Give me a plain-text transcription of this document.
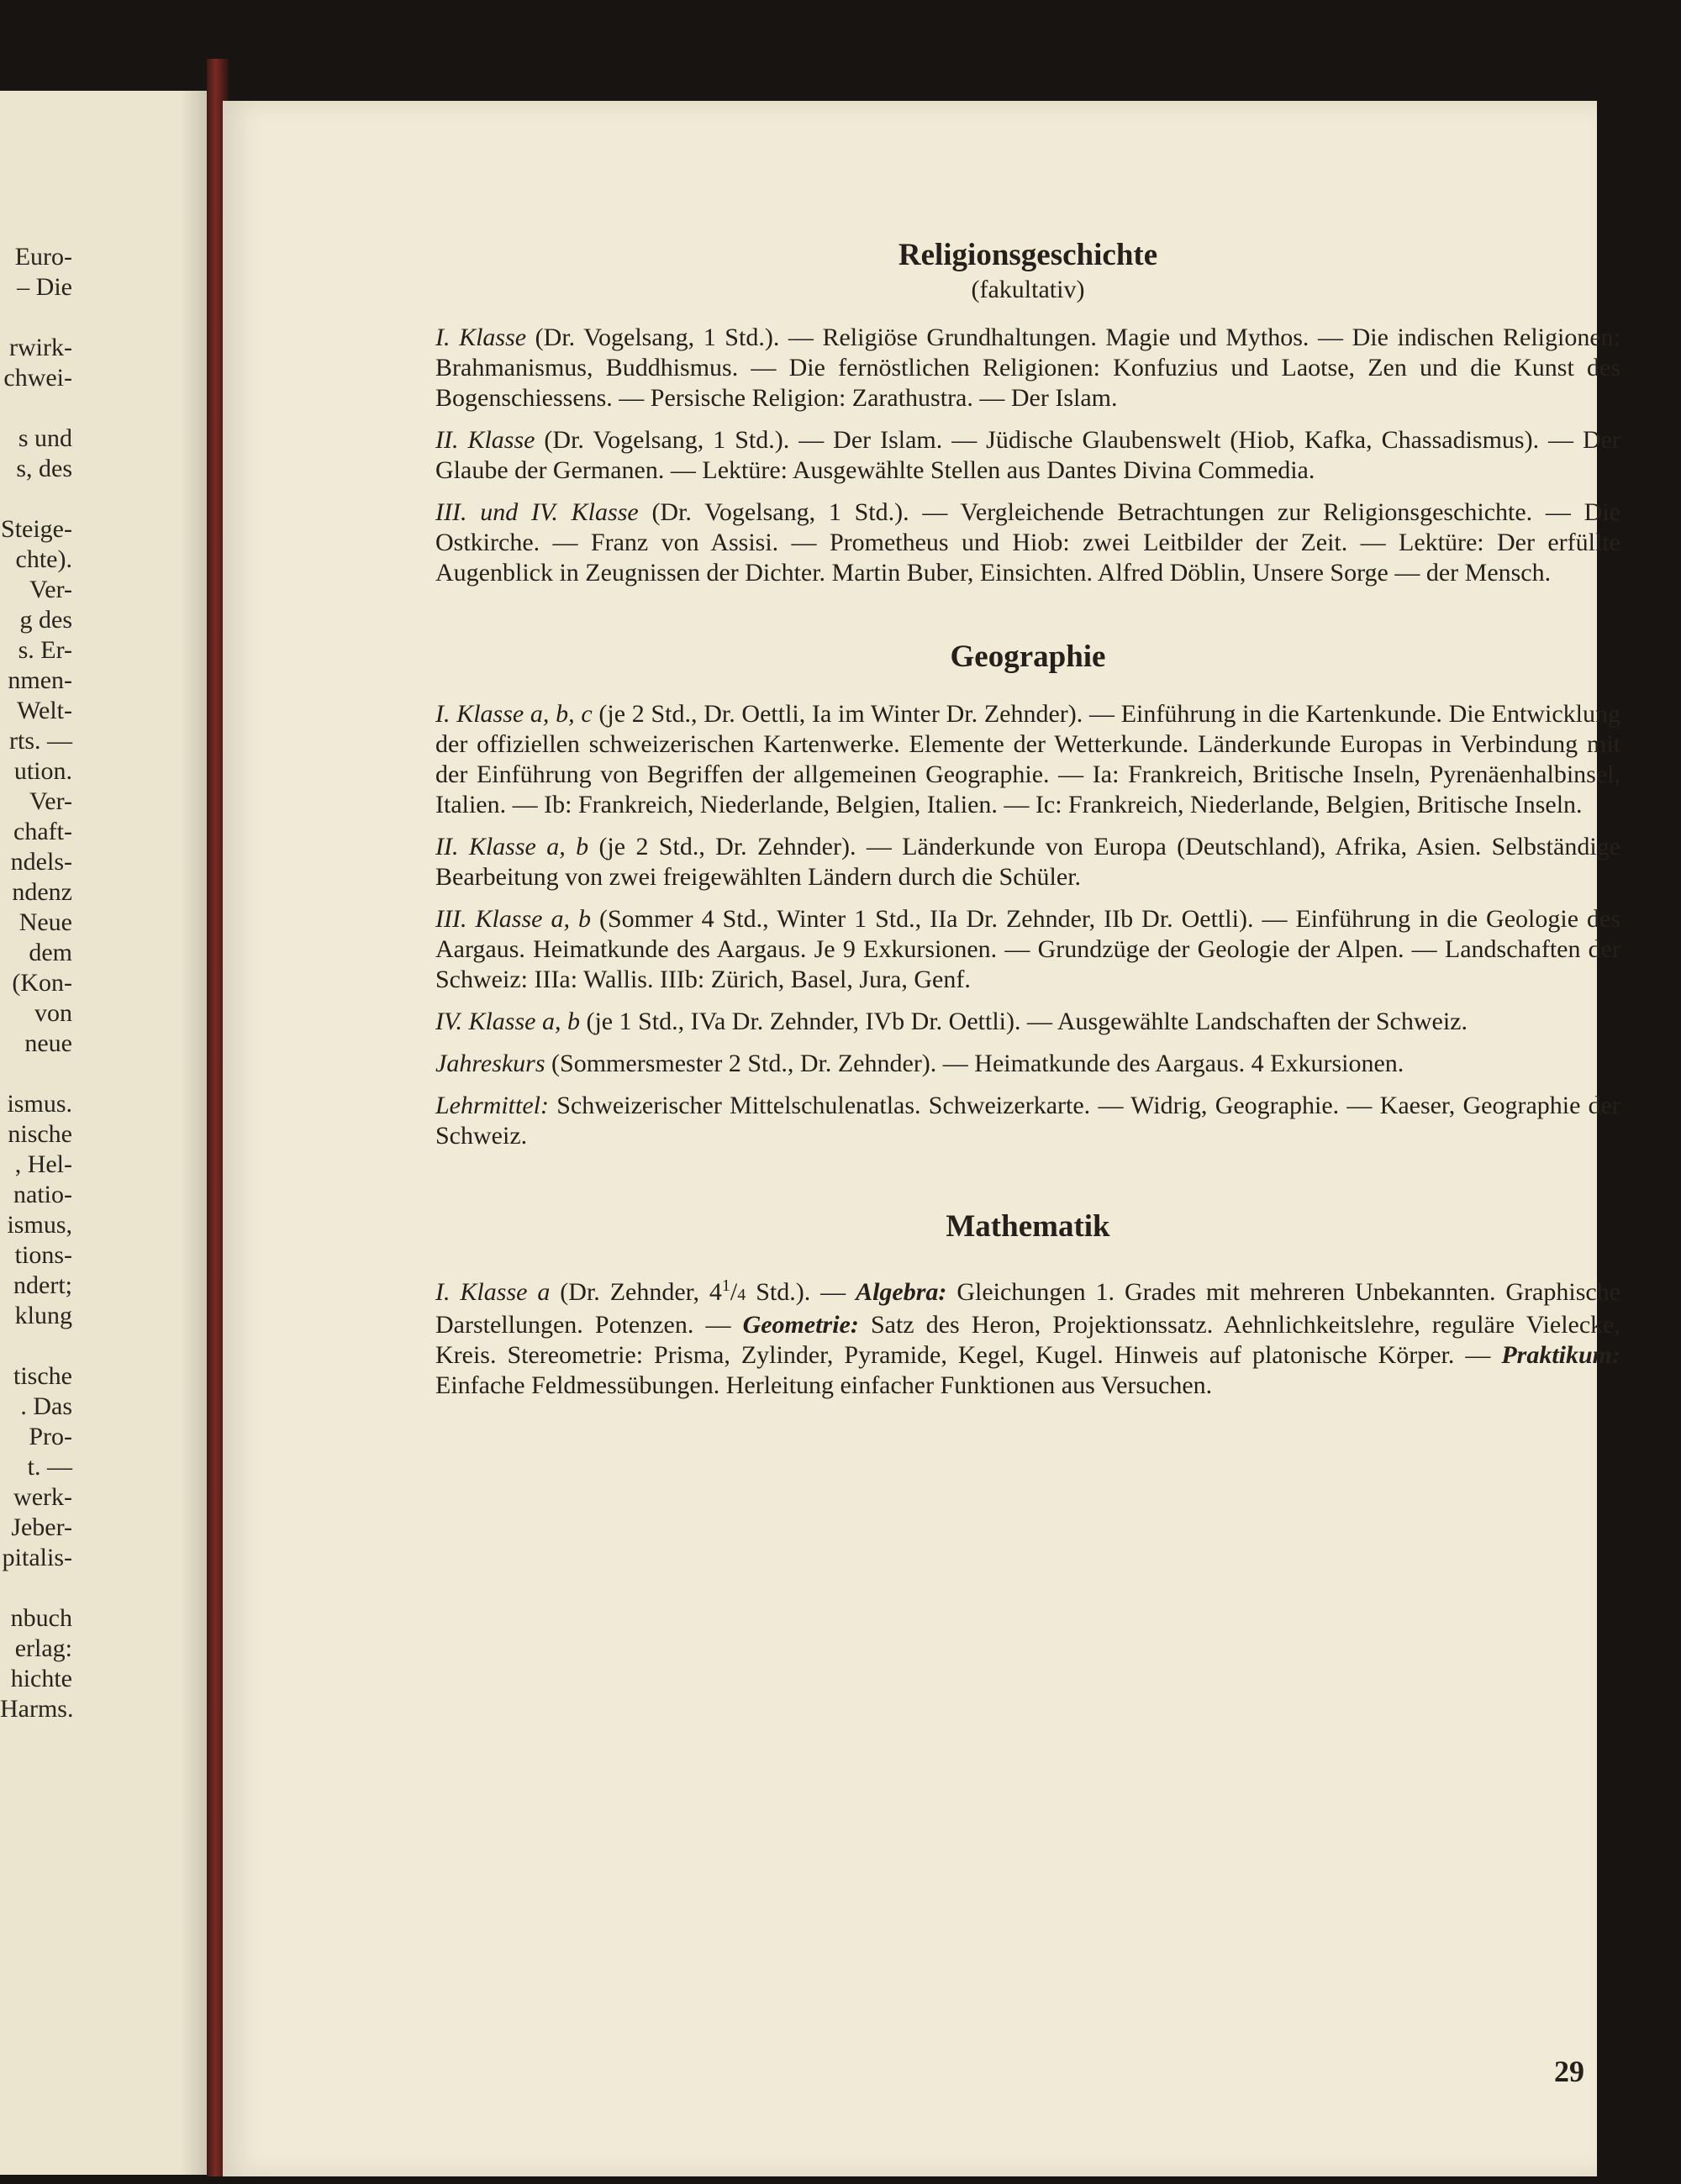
Euro-
– Die
rwirk-
chwei-
s und
s, des
Steige-
chte).
Ver-
g des
s. Er-
nmen-
Welt-
rts. —
ution.
Ver-
chaft-
ndels-
ndenz
Neue
dem
(Kon-
von
neue
ismus.
nische
, Hel-
natio-
ismus,
tions-
ndert;
klung
tische
. Das
Pro-
t. —
werk-
Jeber-
pitalis-
nbuch
erlag:
hichte
Harms.
Religionsgeschichte
(fakultativ)

I. Klasse (Dr. Vogelsang, 1 Std.). — Religiöse Grundhaltungen. Magie und Mythos. — Die indischen Religionen: Brahmanismus, Buddhismus. — Die fernöstlichen Religionen: Konfuzius und Laotse, Zen und die Kunst des Bogenschiessens. — Persische Religion: Zarathustra. — Der Islam.

II. Klasse (Dr. Vogelsang, 1 Std.). — Der Islam. — Jüdische Glaubenswelt (Hiob, Kafka, Chassadismus). — Der Glaube der Germanen. — Lektüre: Ausgewählte Stellen aus Dantes Divina Commedia.

III. und IV. Klasse (Dr. Vogelsang, 1 Std.). — Vergleichende Betrachtungen zur Religionsgeschichte. — Die Ostkirche. — Franz von Assisi. — Prometheus und Hiob: zwei Leitbilder der Zeit. — Lektüre: Der erfüllte Augenblick in Zeugnissen der Dichter. Martin Buber, Einsichten. Alfred Döblin, Unsere Sorge — der Mensch.

Geographie

I. Klasse a, b, c (je 2 Std., Dr. Oettli, Ia im Winter Dr. Zehnder). — Einführung in die Kartenkunde. Die Entwicklung der offiziellen schweizerischen Kartenwerke. Elemente der Wetterkunde. Länderkunde Europas in Verbindung mit der Einführung von Begriffen der allgemeinen Geographie. — Ia: Frankreich, Britische Inseln, Pyrenäenhalbinsel, Italien. — Ib: Frankreich, Niederlande, Belgien, Italien. — Ic: Frankreich, Niederlande, Belgien, Britische Inseln.

II. Klasse a, b (je 2 Std., Dr. Zehnder). — Länderkunde von Europa (Deutschland), Afrika, Asien. Selbständige Bearbeitung von zwei freigewählten Ländern durch die Schüler.

III. Klasse a, b (Sommer 4 Std., Winter 1 Std., IIa Dr. Zehnder, IIb Dr. Oettli). — Einführung in die Geologie des Aargaus. Heimatkunde des Aargaus. Je 9 Exkursionen. — Grundzüge der Geologie der Alpen. — Landschaften der Schweiz: IIIa: Wallis. IIIb: Zürich, Basel, Jura, Genf.

IV. Klasse a, b (je 1 Std., IVa Dr. Zehnder, IVb Dr. Oettli). — Ausgewählte Landschaften der Schweiz.

Jahreskurs (Sommersmester 2 Std., Dr. Zehnder). — Heimatkunde des Aargaus. 4 Exkursionen.

Lehrmittel: Schweizerischer Mittelschulenatlas. Schweizerkarte. — Widrig, Geographie. — Kaeser, Geographie der Schweiz.

Mathematik

I. Klasse a (Dr. Zehnder, $4^1/4$ Std.). — Algebra: Gleichungen 1. Grades mit mehreren Unbekannten. Graphische Darstellungen. Potenzen. — Geometrie: Satz des Heron, Projektionssatz. Aehnlichkeitslehre, reguläre Vielecke, Kreis. Stereometrie: Prisma, Zylinder, Pyramide, Kegel, Kugel. Hinweis auf platonische Körper. — Praktikum: Einfache Feldmessübungen. Herleitung einfacher Funktionen aus Versuchen.

29
